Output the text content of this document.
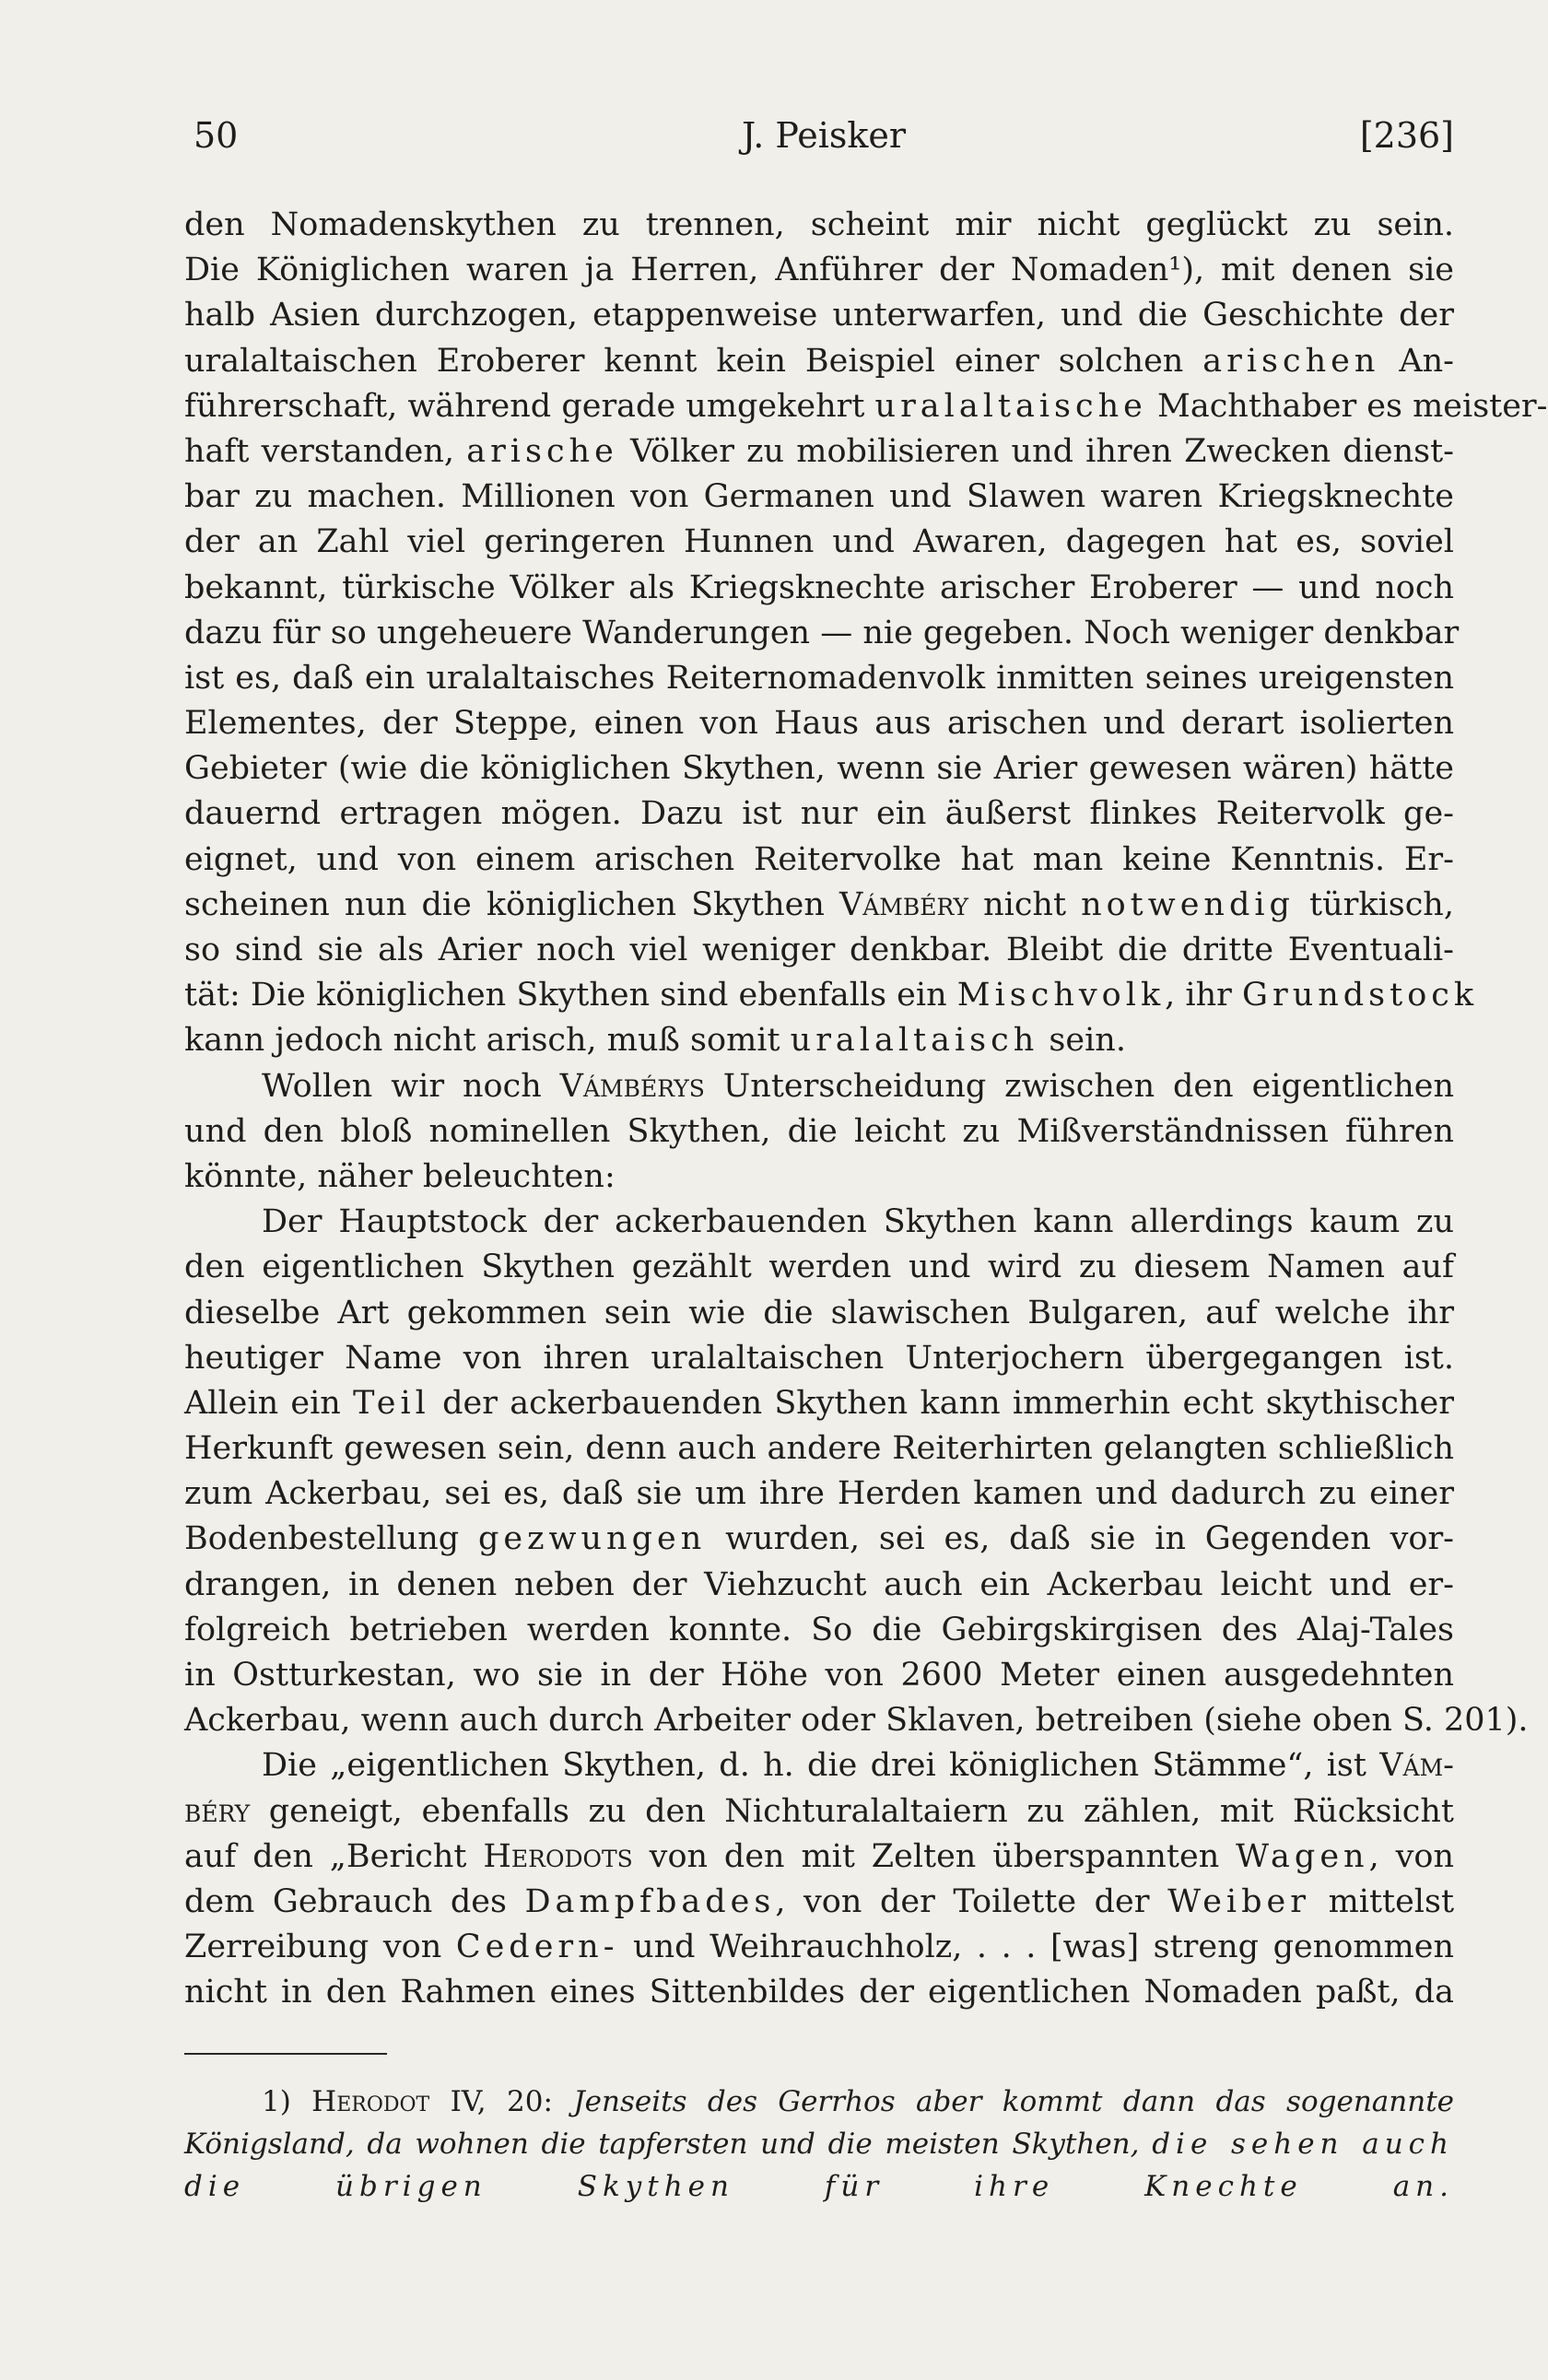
50	J. Peisker	[236]
den Nomadenskythen zu trennen, scheint mir nicht geglückt zu sein.
Die Königlichen waren ja Herren, Anführer der Nomaden¹), mit denen sie
halb Asien durchzogen, etappenweise unterwarfen, und die Geschichte der
uralaltaischen Eroberer kennt kein Beispiel einer solchen arischen An-
führerschaft, während gerade umgekehrt uralaltaische Machthaber es meister-
haft verstanden, arische Völker zu mobilisieren und ihren Zwecken dienst-
bar zu machen. Millionen von Germanen und Slawen waren Kriegsknechte
der an Zahl viel geringeren Hunnen und Awaren, dagegen hat es, soviel
bekannt, türkische Völker als Kriegsknechte arischer Eroberer — und noch
dazu für so ungeheuere Wanderungen — nie gegeben. Noch weniger denkbar
ist es, daß ein uralaltaisches Reiternomadenvolk inmitten seines ureigensten
Elementes, der Steppe, einen von Haus aus arischen und derart isolierten
Gebieter (wie die königlichen Skythen, wenn sie Arier gewesen wären) hätte
dauernd ertragen mögen. Dazu ist nur ein äußerst flinkes Reitervolk ge-
eignet, und von einem arischen Reitervolke hat man keine Kenntnis. Er-
scheinen nun die königlichen Skythen Vámbéry nicht notwendig türkisch,
so sind sie als Arier noch viel weniger denkbar. Bleibt die dritte Eventuali-
tät: Die königlichen Skythen sind ebenfalls ein Mischvolk, ihr Grundstock
kann jedoch nicht arisch, muß somit uralaltaisch sein.
Wollen wir noch Vámbérys Unterscheidung zwischen den eigentlichen
und den bloß nominellen Skythen, die leicht zu Mißverständnissen führen
könnte, näher beleuchten:
Der Hauptstock der ackerbauenden Skythen kann allerdings kaum zu
den eigentlichen Skythen gezählt werden und wird zu diesem Namen auf
dieselbe Art gekommen sein wie die slawischen Bulgaren, auf welche ihr
heutiger Name von ihren uralaltaischen Unterjochern übergegangen ist.
Allein ein Teil der ackerbauenden Skythen kann immerhin echt skythischer
Herkunft gewesen sein, denn auch andere Reiterhirten gelangten schließlich
zum Ackerbau, sei es, daß sie um ihre Herden kamen und dadurch zu einer
Bodenbestellung gezwungen wurden, sei es, daß sie in Gegenden vor-
drangen, in denen neben der Viehzucht auch ein Ackerbau leicht und er-
folgreich betrieben werden konnte. So die Gebirgskirgisen des Alaj-Tales
in Ostturkestan, wo sie in der Höhe von 2600 Meter einen ausgedehnten
Ackerbau, wenn auch durch Arbeiter oder Sklaven, betreiben (siehe oben S. 201).
Die „eigentlichen Skythen, d. h. die drei königlichen Stämme“, ist Vám-
béry geneigt, ebenfalls zu den Nichturalaltaiern zu zählen, mit Rücksicht
auf den „Bericht Herodots von den mit Zelten überspannten Wagen, von
dem Gebrauch des Dampfbades, von der Toilette der Weiber mittelst
Zerreibung von Cedern- und Weihrauchholz, . . . [was] streng genommen
nicht in den Rahmen eines Sittenbildes der eigentlichen Nomaden paßt, da
1) Herodot IV, 20: Jenseits des Gerrhos aber kommt dann das sogenannte
Königsland, da wohnen die tapfersten und die meisten Skythen, die sehen auch
die übrigen Skythen für ihre Knechte an.
